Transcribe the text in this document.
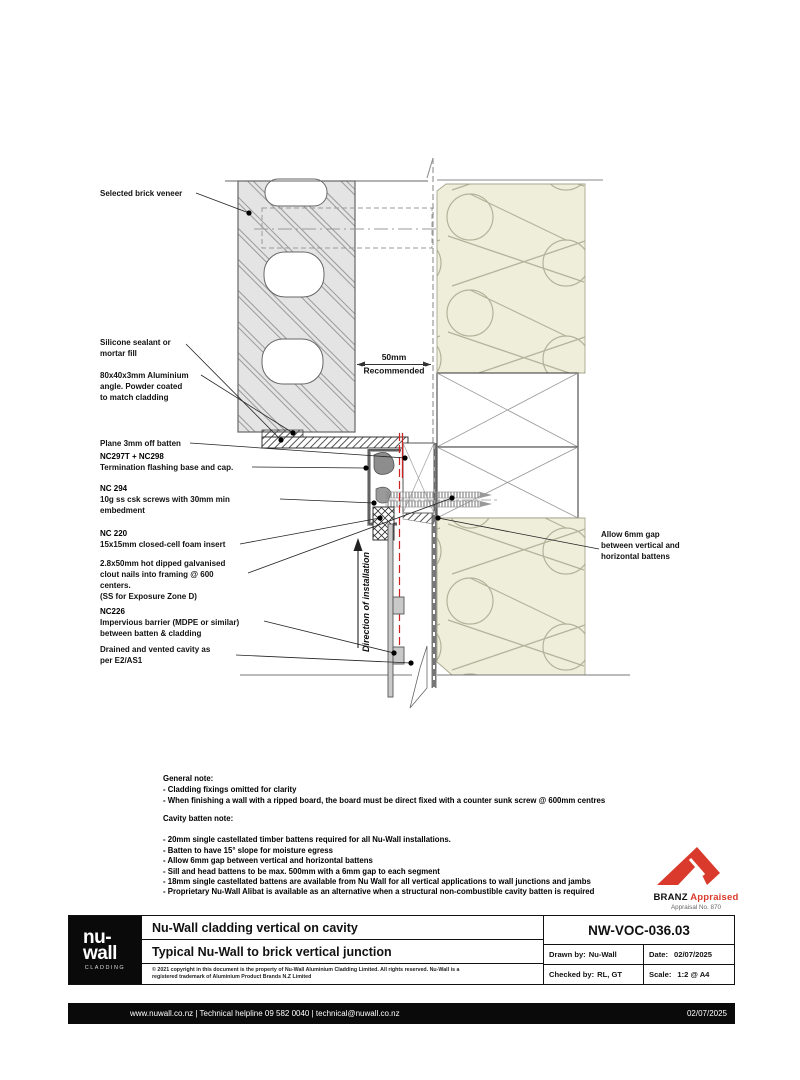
Direction of installation
50mm
Recommended
Selected brick veneer
Silicone sealant or
mortar fill
80x40x3mm Aluminium
angle. Powder coated
to match cladding
Plane 3mm off batten
NC297T + NC298
Termination flashing base and cap.
NC 294
10g ss csk screws with 30mm min
embedment
NC 220
15x15mm closed-cell foam insert
2.8x50mm hot dipped galvanised
clout nails into framing @ 600
centers.
(SS for Exposure Zone D)
NC226
Impervious barrier (MDPE or similar)
between batten & cladding
Drained and vented cavity as
per E2/AS1
Allow 6mm gap
between vertical and
horizontal battens
General note:
- Cladding fixings omitted for clarity
- When finishing a wall with a ripped board, the board must be direct fixed with a counter sunk screw @ 600mm centres
Cavity batten note:
- 20mm single castellated timber battens required for all Nu-Wall installations.
- Batten to have 15° slope for moisture egress
- Allow 6mm gap between vertical and horizontal battens
- Sill and head battens to be max. 500mm with a 6mm gap to each segment
- 18mm single castellated battens are available from Nu Wall for all vertical applications to wall junctions and jambs
- Proprietary Nu-Wall Alibat is available as an alternative when a structural non-combustible cavity batten is required
BRANZ Appraised
Appraisal No. 870
nu-
wall
CLADDING
Nu-Wall cladding vertical on cavity
Typical Nu-Wall to brick vertical junction
© 2021 copyright in this document is the property of Nu-Wall Aluminium Cladding Limited. All rights reserved. Nu-Wall is a
registered trademark of Aluminium Product Brands N.Z Limited
NW-VOC-036.03
Drawn by: Nu-Wall	Date: 02/07/2025
Checked by: RL, GT	Scale: 1:2 @ A4
www.nuwall.co.nz | Technical helpline 09 582 0040 | technical@nuwall.co.nz	02/07/2025
